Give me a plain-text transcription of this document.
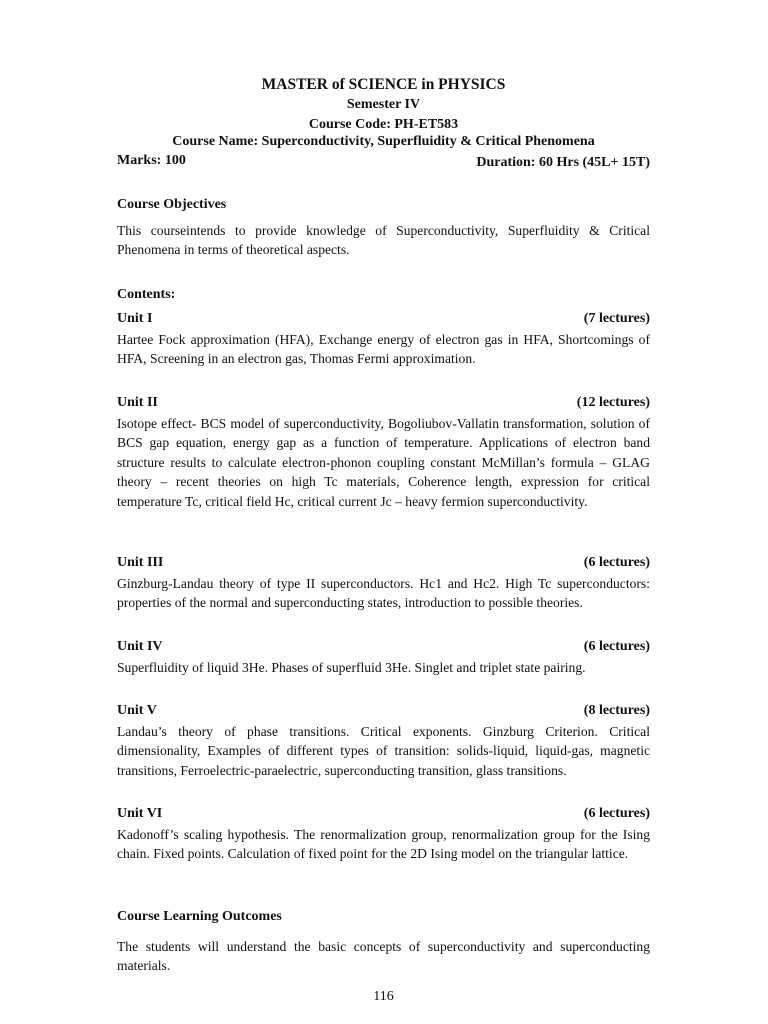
MASTER of SCIENCE in PHYSICS
Semester IV
Course Code: PH-ET583
Course Name: Superconductivity, Superfluidity & Critical Phenomena
Marks: 100	Duration: 60 Hrs (45L+ 15T)
Course Objectives

This courseintends to provide knowledge of Superconductivity, Superfluidity & Critical Phenomena in terms of theoretical aspects.

Contents:
Unit I	(7 lectures)

Hartee Fock approximation (HFA), Exchange energy of electron gas in HFA, Shortcomings of HFA, Screening in an electron gas, Thomas Fermi approximation.

Unit II	(12 lectures)

Isotope effect- BCS model of superconductivity, Bogoliubov-Vallatin transformation, solution of BCS gap equation, energy gap as a function of temperature. Applications of electron band structure results to calculate electron-phonon coupling constant McMillan’s formula – GLAG theory – recent theories on high Tc materials, Coherence length, expression for critical temperature Tc, critical field Hc, critical current Jc – heavy fermion superconductivity.

Unit III	(6 lectures)

Ginzburg-Landau theory of type II superconductors. Hc1 and Hc2. High Tc superconductors: properties of the normal and superconducting states, introduction to possible theories.

Unit IV	(6 lectures)

Superfluidity of liquid 3He. Phases of superfluid 3He. Singlet and triplet state pairing.

Unit V	(8 lectures)

Landau’s theory of phase transitions. Critical exponents. Ginzburg Criterion. Critical dimensionality, Examples of different types of transition: solids-liquid, liquid-gas, magnetic transitions, Ferroelectric-paraelectric, superconducting transition, glass transitions.

Unit VI	(6 lectures)

Kadonoff’s scaling hypothesis. The renormalization group, renormalization group for the Ising chain. Fixed points. Calculation of fixed point for the 2D Ising model on the triangular lattice.

Course Learning Outcomes

The students will understand the basic concepts of superconductivity and superconducting materials.

116
